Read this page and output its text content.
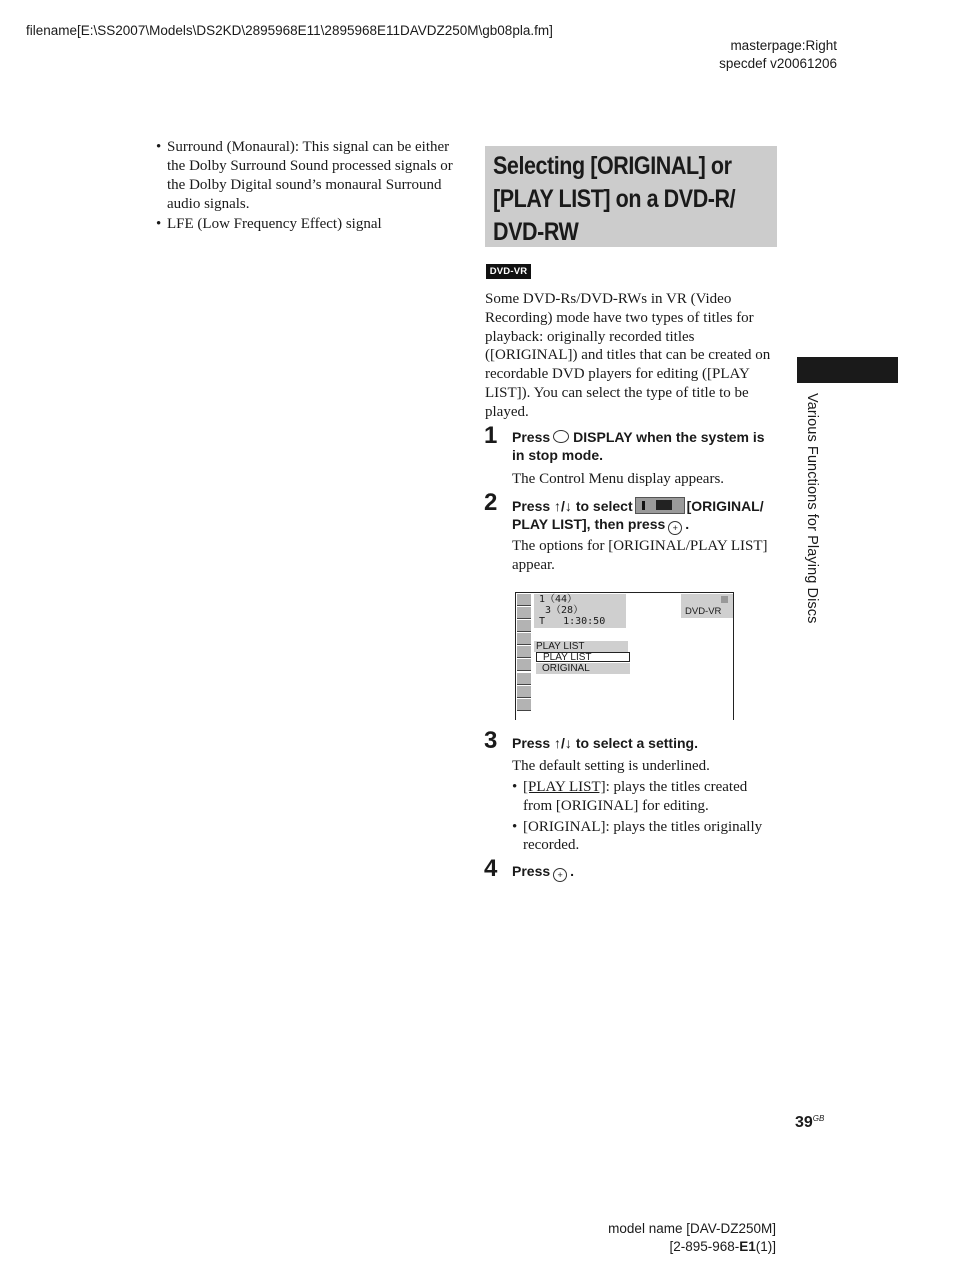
filename[E:\SS2007\Models\DS2KD\2895968E11\2895968E11DAVDZ250M\gb08pla.fm]
masterpage:Right
specdef v20061206
• Surround (Monaural): This signal can be either the Dolby Surround Sound processed signals or the Dolby Digital sound’s monaural Surround audio signals.
• LFE (Low Frequency Effect) signal
Selecting [ORIGINAL] or
[PLAY LIST] on a DVD-R/
DVD-RW
DVD-VR
Some DVD-Rs/DVD-RWs in VR (Video Recording) mode have two types of titles for playback: originally recorded titles ([ORIGINAL]) and titles that can be created on recordable DVD players for editing ([PLAY LIST]). You can select the type of title to be played.
1 Press DISPLAY when the system is in stop mode.
The Control Menu display appears.
2 Press ↑/↓ to select	[ORIGINAL/ PLAY LIST], then press + .
The options for [ORIGINAL/PLAY LIST] appear.
1（44）
3（28）
T   1:30:50
DVD-VR
PLAY LIST
PLAY LIST
ORIGINAL
3 Press ↑/↓ to select a setting.
The default setting is underlined.
• [PLAY LIST]: plays the titles created from [ORIGINAL] for editing.
• [ORIGINAL]: plays the titles originally recorded.
4 Press + .
Various Functions for Playing Discs
$39^{GB}$
model name [DAV-DZ250M]
[2-895-968-E1(1)]
